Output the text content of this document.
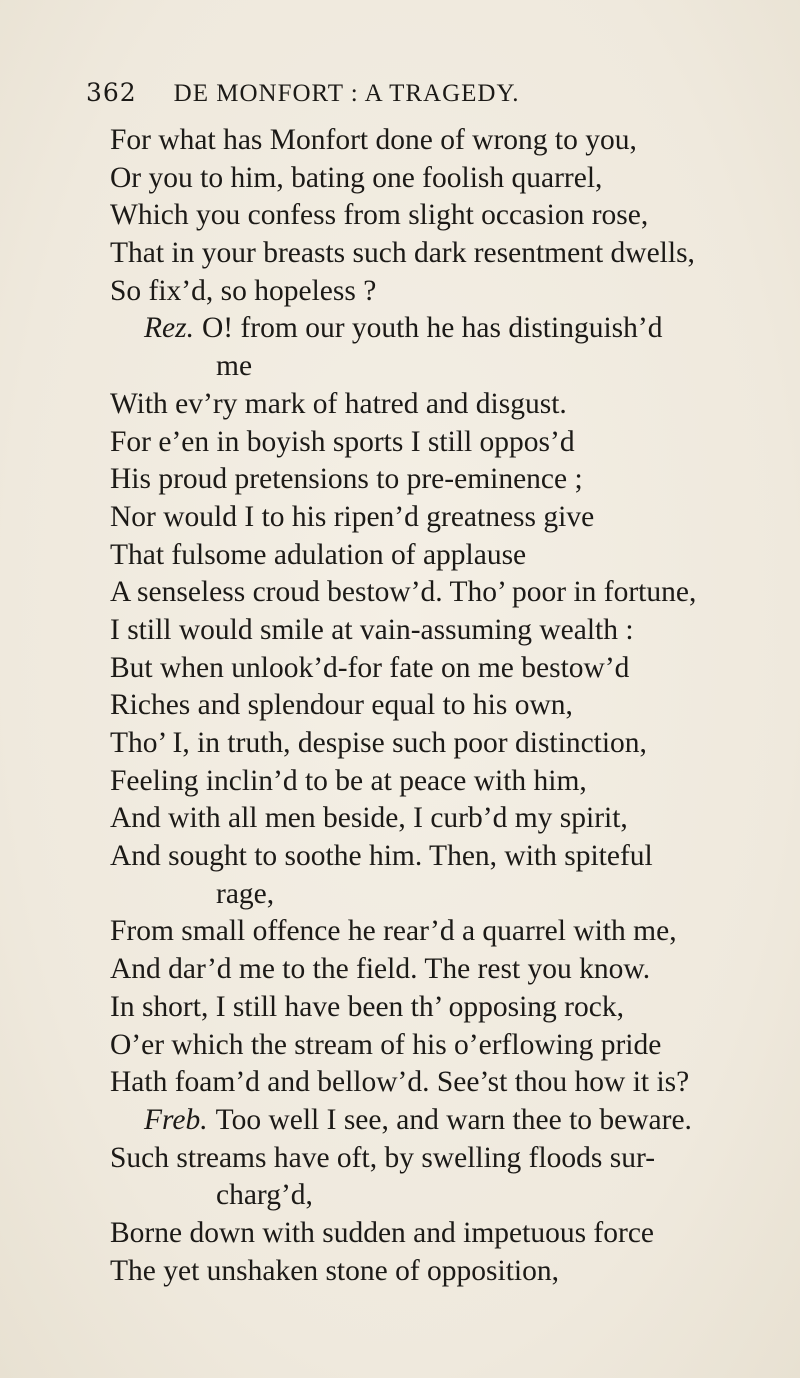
362 DE MONFORT : A TRAGEDY.
For what has Monfort done of wrong to you,
Or you to him, bating one foolish quarrel,
Which you confess from slight occasion rose,
That in your breasts such dark resentment dwells,
So fix’d, so hopeless ?
Rez. O! from our youth he has distinguish’d
me
With ev’ry mark of hatred and disgust.
For e’en in boyish sports I still oppos’d
His proud pretensions to pre-eminence ;
Nor would I to his ripen’d greatness give
That fulsome adulation of applause
A senseless croud bestow’d. Tho’ poor in fortune,
I still would smile at vain-assuming wealth :
But when unlook’d-for fate on me bestow’d
Riches and splendour equal to his own,
Tho’ I, in truth, despise such poor distinction,
Feeling inclin’d to be at peace with him,
And with all men beside, I curb’d my spirit,
And sought to soothe him. Then, with spiteful
rage,
From small offence he rear’d a quarrel with me,
And dar’d me to the field. The rest you know.
In short, I still have been th’ opposing rock,
O’er which the stream of his o’erflowing pride
Hath foam’d and bellow’d. See’st thou how it is?
Freb. Too well I see, and warn thee to beware.
Such streams have oft, by swelling floods sur-
charg’d,
Borne down with sudden and impetuous force
The yet unshaken stone of opposition,
